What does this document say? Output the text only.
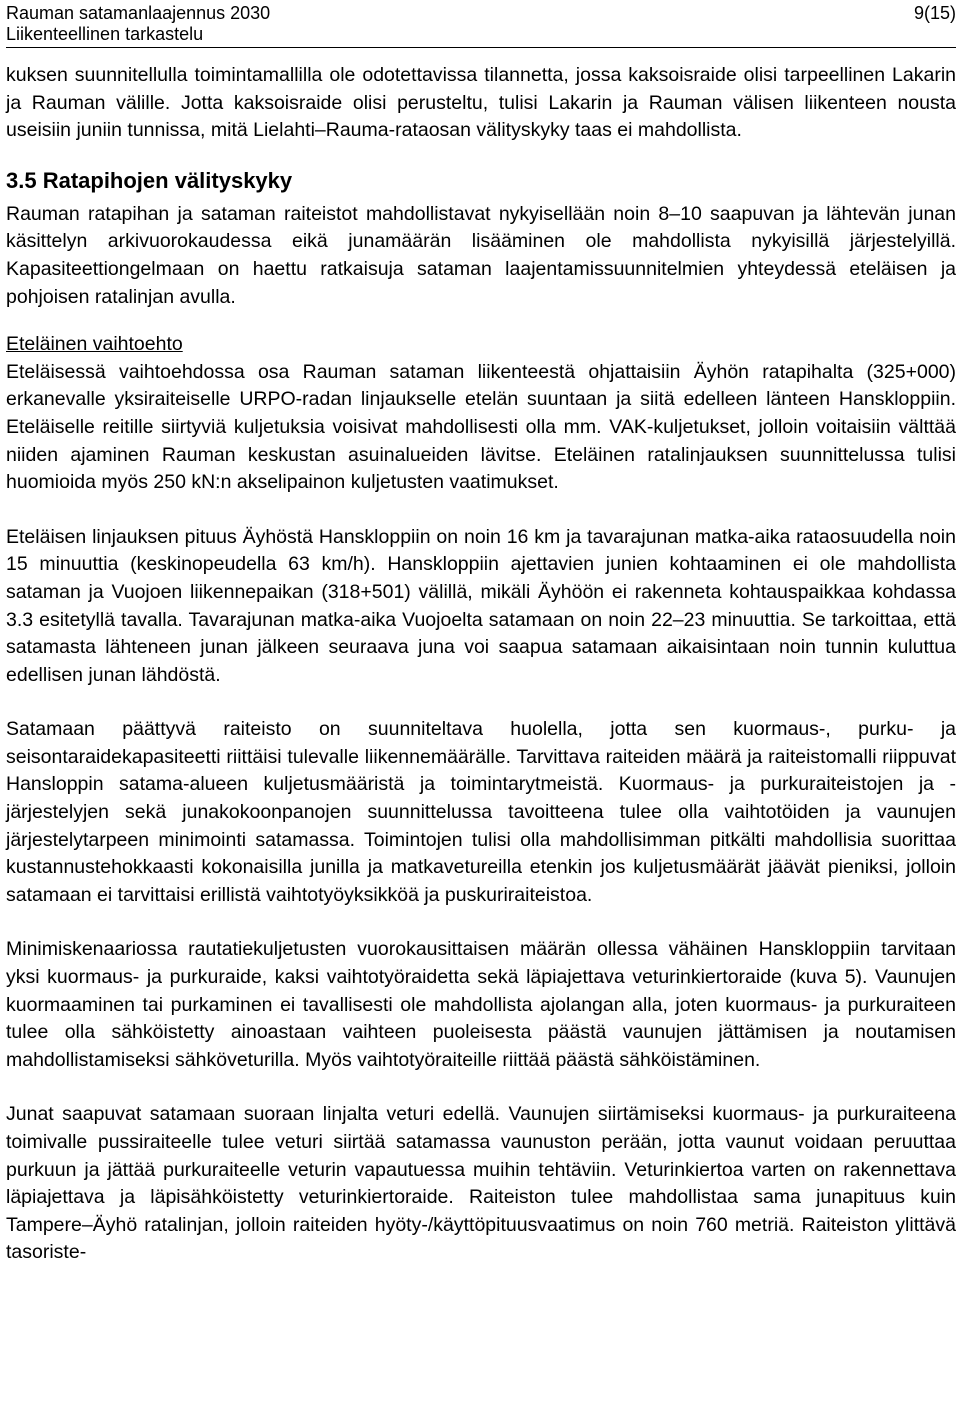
Rauman satamanlaajennus 2030
Liikenteellinen tarkastelu
9(15)

kuksen suunnitellulla toimintamallilla ole odotettavissa tilannetta, jossa kaksoisraide olisi tarpeellinen Lakarin ja Rauman välille. Jotta kaksoisraide olisi perusteltu, tulisi Lakarin ja Rauman välisen liikenteen nousta useisiin juniin tunnissa, mitä Lielahti–Rauma-rataosan välityskyky taas ei mahdollista.

3.5 Ratapihojen välityskyky

Rauman ratapihan ja sataman raiteistot mahdollistavat nykyisellään noin 8–10 saapuvan ja lähtevän junan käsittelyn arkivuorokaudessa eikä junamäärän lisääminen ole mahdollista nykyisillä järjestelyillä. Kapasiteettiongelmaan on haettu ratkaisuja sataman laajentamissuunnitelmien yhteydessä eteläisen ja pohjoisen ratalinjan avulla.

Eteläinen vaihtoehto

Eteläisessä vaihtoehdossa osa Rauman sataman liikenteestä ohjattaisiin Äyhön ratapihalta (325+000) erkanevalle yksiraiteiselle URPO-radan linjaukselle etelän suuntaan ja siitä edelleen länteen Hanskloppiin. Eteläiselle reitille siirtyviä kuljetuksia voisivat mahdollisesti olla mm. VAK-kuljetukset, jolloin voitaisiin välttää niiden ajaminen Rauman keskustan asuinalueiden lävitse. Eteläinen ratalinjauksen suunnittelussa tulisi huomioida myös 250 kN:n akselipainon kuljetusten vaatimukset.

Eteläisen linjauksen pituus Äyhöstä Hanskloppiin on noin 16 km ja tavarajunan matka-aika rataosuudella noin 15 minuuttia (keskinopeudella 63 km/h). Hanskloppiin ajettavien junien kohtaaminen ei ole mahdollista sataman ja Vuojoen liikennepaikan (318+501) välillä, mikäli Äyhöön ei rakenneta kohtauspaikkaa kohdassa 3.3 esitetyllä tavalla. Tavarajunan matka-aika Vuojoelta satamaan on noin 22–23 minuuttia. Se tarkoittaa, että satamasta lähteneen junan jälkeen seuraava juna voi saapua satamaan aikaisintaan noin tunnin kuluttua edellisen junan lähdöstä.

Satamaan päättyvä raiteisto on suunniteltava huolella, jotta sen kuormaus-, purku- ja seisontaraidekapasiteetti riittäisi tulevalle liikennemäärälle. Tarvittava raiteiden määrä ja raiteistomalli riippuvat Hansloppin satama-alueen kuljetusmääristä ja toimintarytmeistä. Kuormaus- ja purkuraiteistojen ja -järjestelyjen sekä junakokoonpanojen suunnittelussa tavoitteena tulee olla vaihtotöiden ja vaunujen järjestelytarpeen minimointi satamassa. Toimintojen tulisi olla mahdollisimman pitkälti mahdollisia suorittaa kustannustehokkaasti kokonaisilla junilla ja matkavetureilla etenkin jos kuljetusmäärät jäävät pieniksi, jolloin satamaan ei tarvittaisi erillistä vaihtotyöyksikköä ja puskuriraiteistoa.

Minimiskenaariossa rautatiekuljetusten vuorokausittaisen määrän ollessa vähäinen Hanskloppiin tarvitaan yksi kuormaus- ja purkuraide, kaksi vaihtotyöraidetta sekä läpiajettava veturinkiertoraide (kuva 5). Vaunujen kuormaaminen tai purkaminen ei tavallisesti ole mahdollista ajolangan alla, joten kuormaus- ja purkuraiteen tulee olla sähköistetty ainoastaan vaihteen puoleisesta päästä vaunujen jättämisen ja noutamisen mahdollistamiseksi sähköveturilla. Myös vaihtotyöraiteille riittää päästä sähköistäminen.

Junat saapuvat satamaan suoraan linjalta veturi edellä. Vaunujen siirtämiseksi kuormaus- ja purkuraiteena toimivalle pussiraiteelle tulee veturi siirtää satamassa vaunuston perään, jotta vaunut voidaan peruuttaa purkuun ja jättää purkuraiteelle veturin vapautuessa muihin tehtäviin. Veturinkiertoa varten on rakennettava läpiajettava ja läpisähköistetty veturinkiertoraide. Raiteiston tulee mahdollistaa sama junapituus kuin Tampere–Äyhö ratalinjan, jolloin raiteiden hyöty-/käyttöpituusvaatimus on noin 760 metriä. Raiteiston ylittävä tasoriste-
